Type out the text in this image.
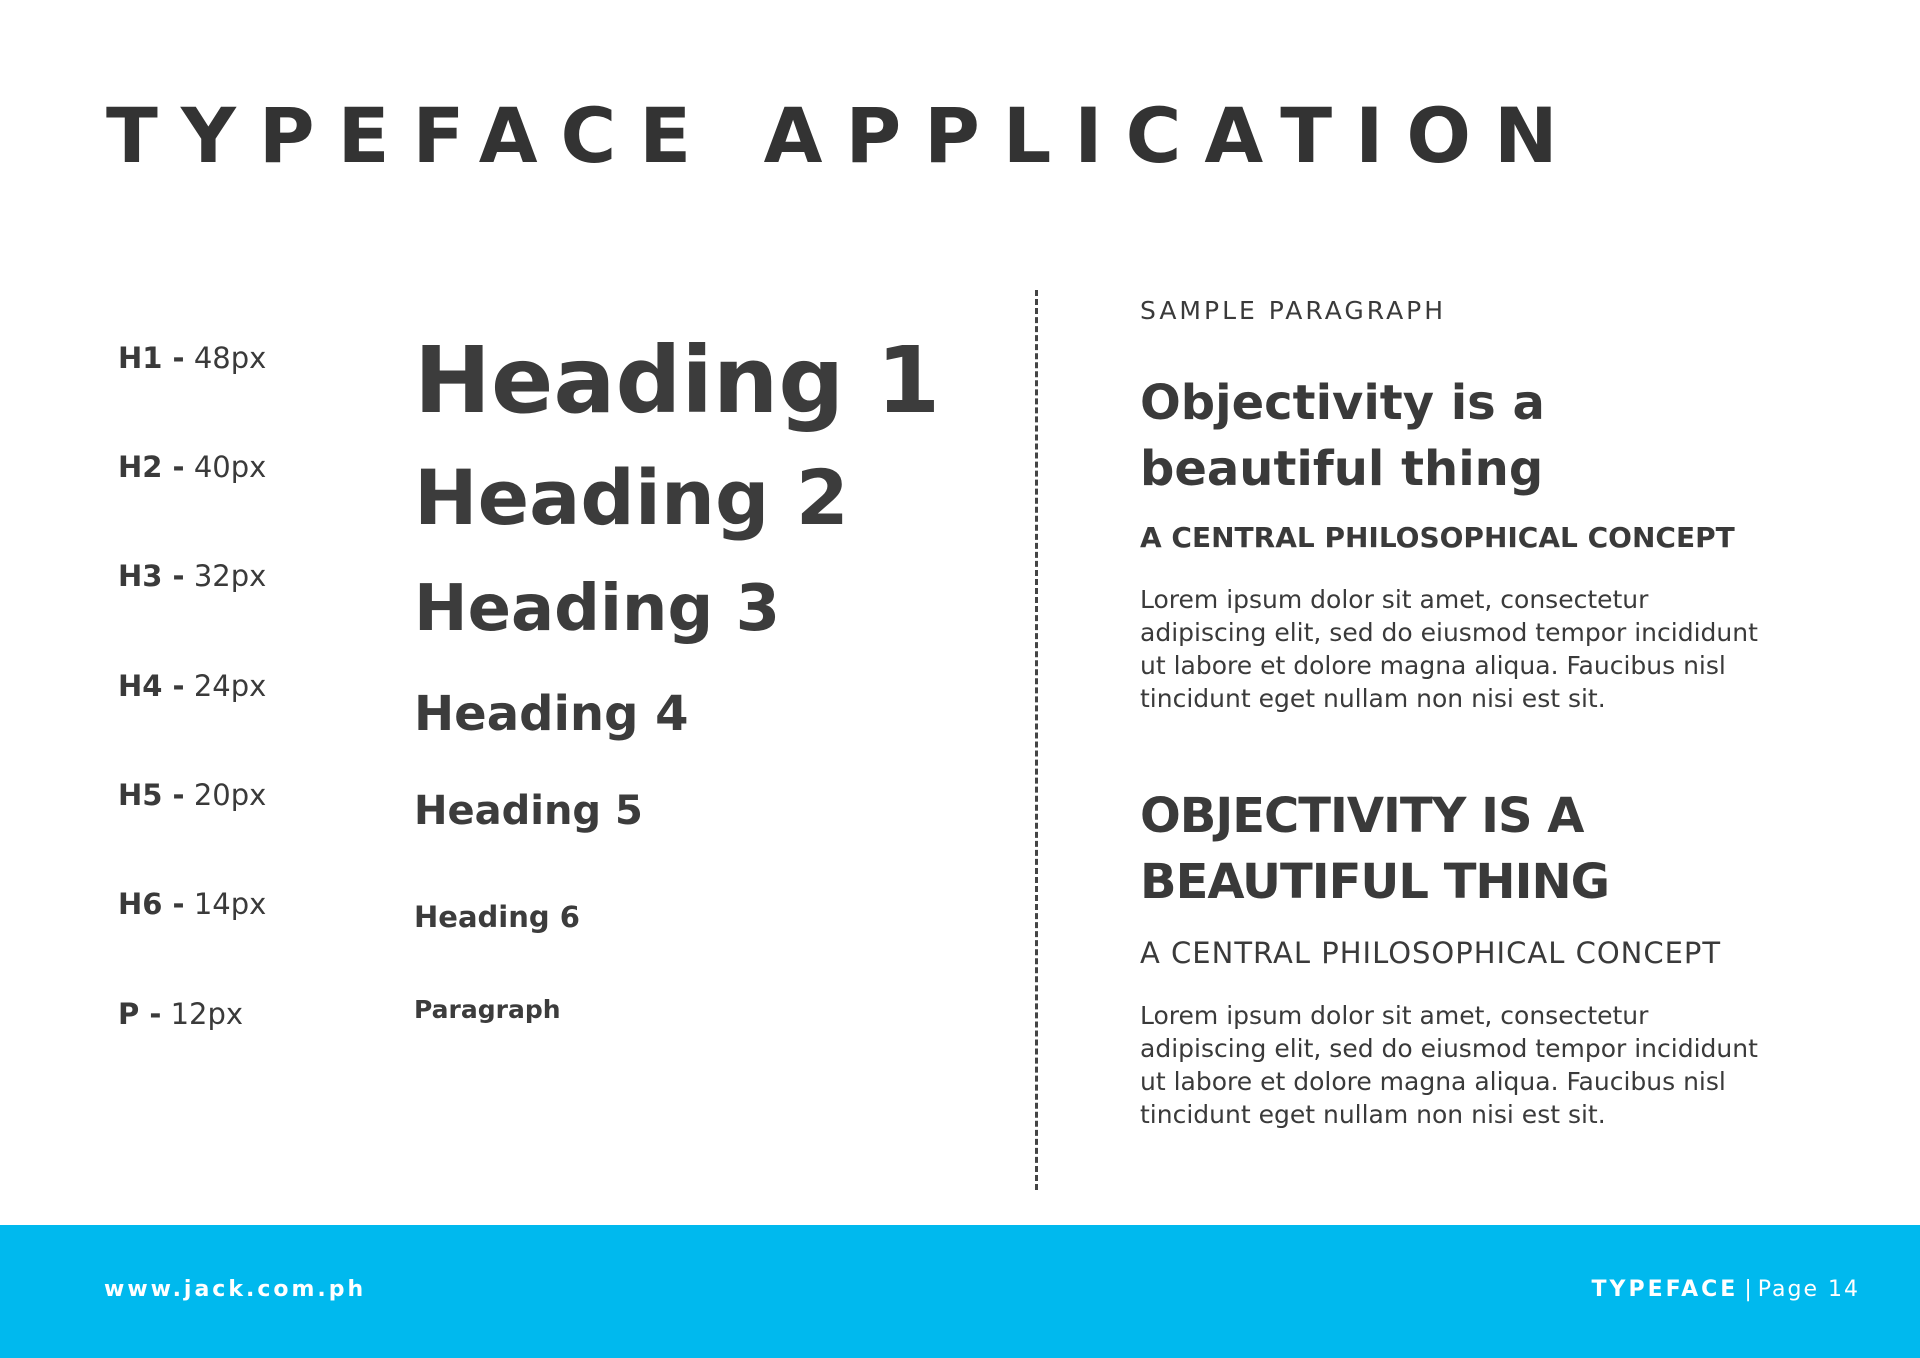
TYPEFACE APPLICATION
H1 - 48px
H2 - 40px
H3 - 32px
H4 - 24px
H5 - 20px
H6 - 14px
P - 12px
Heading 1
Heading 2
Heading 3
Heading 4
Heading 5
Heading 6
Paragraph
SAMPLE PARAGRAPH
Objectivity is a
beautiful thing
A CENTRAL PHILOSOPHICAL CONCEPT
Lorem ipsum dolor sit amet, consectetur adipiscing elit, sed do eiusmod tempor incididunt ut labore et dolore magna aliqua. Faucibus nisl tincidunt eget nullam non nisi est sit.
OBJECTIVITY IS A
BEAUTIFUL THING
A CENTRAL PHILOSOPHICAL CONCEPT
Lorem ipsum dolor sit amet, consectetur adipiscing elit, sed do eiusmod tempor incididunt ut labore et dolore magna aliqua. Faucibus nisl tincidunt eget nullam non nisi est sit.
www.jack.com.ph	TYPEFACE | Page 14
